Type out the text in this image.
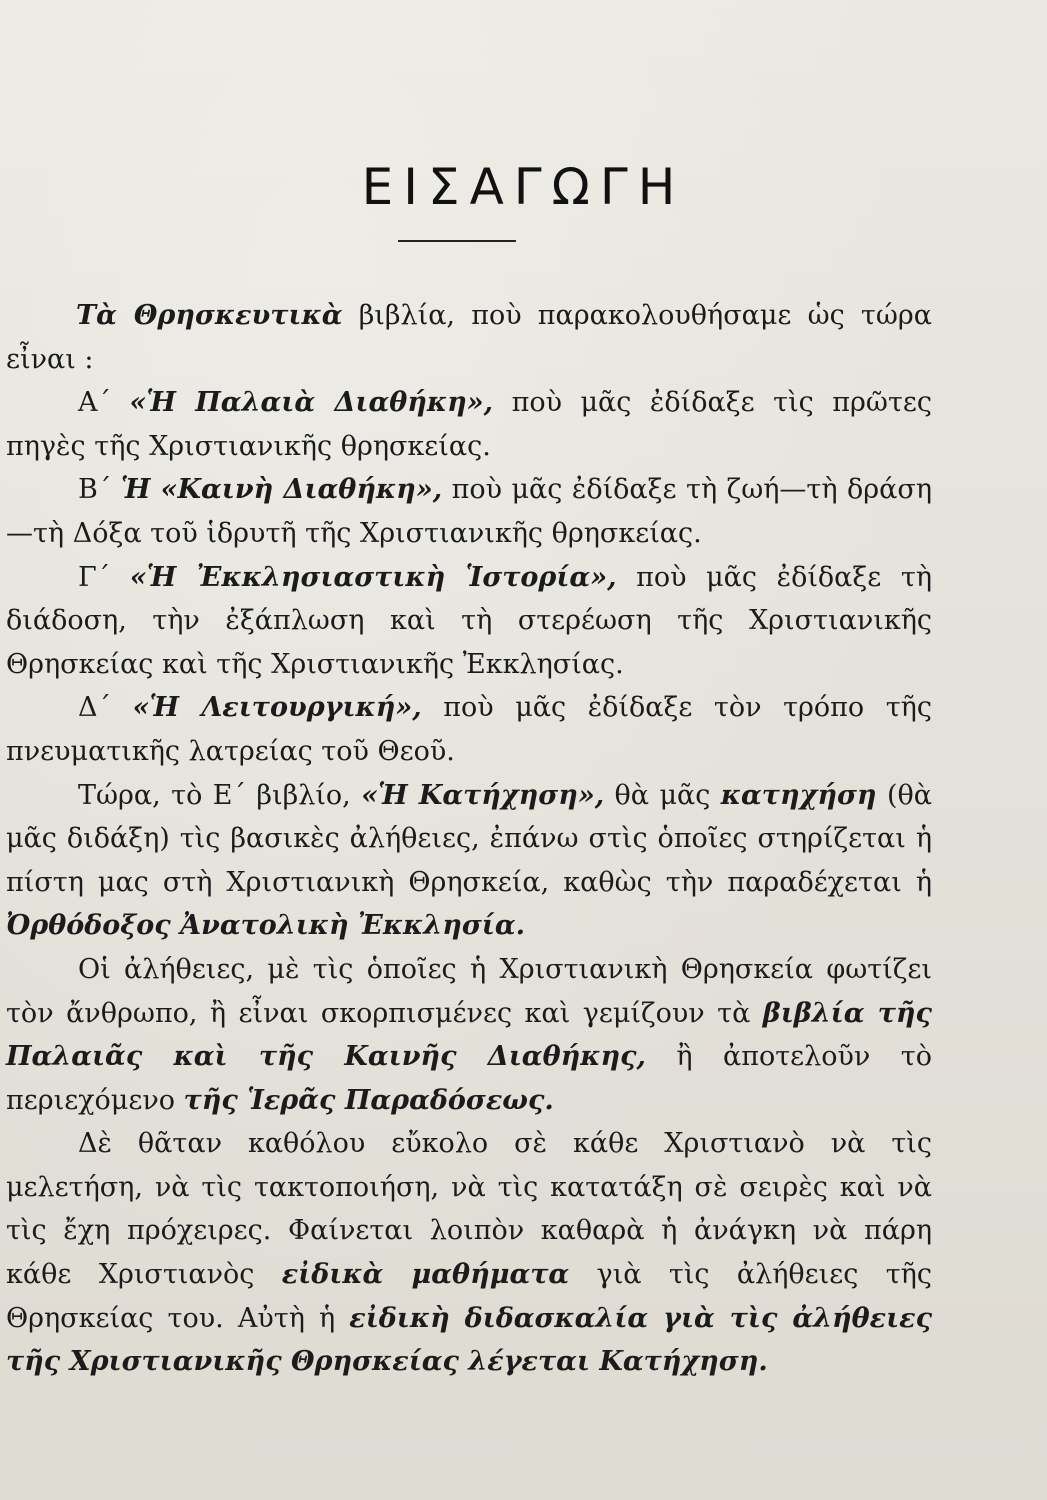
ΕΙΣΑΓΩΓΗ

Τὰ Θρησκευτικὰ βιβλία, ποὺ παρακολουθήσαμε ὡς τώρα εἶναι :

Α΄ «Ἡ Παλαιὰ Διαθήκη», ποὺ μᾶς ἐδίδαξε τὶς πρῶτες πηγὲς τῆς Χριστιανικῆς θρησκείας.

Β΄ Ἡ «Καινὴ Διαθήκη», ποὺ μᾶς ἐδίδαξε τὴ ζωή—τὴ δράση—τὴ Δόξα τοῦ ἱδρυτῆ τῆς Χριστιανικῆς θρησκείας.

Γ΄ «Ἡ Ἐκκλησιαστικὴ Ἱστορία», ποὺ μᾶς ἐδίδαξε τὴ διάδοση, τὴν ἐξάπλωση καὶ τὴ στερέωση τῆς Χριστιανικῆς Θρησκείας καὶ τῆς Χριστιανικῆς Ἐκκλησίας.

Δ΄ «Ἡ Λειτουργική», ποὺ μᾶς ἐδίδαξε τὸν τρόπο τῆς πνευματικῆς λατρείας τοῦ Θεοῦ.

Τώρα, τὸ Ε΄ βιβλίο, «Ἡ Κατήχηση», θὰ μᾶς κατηχήση (θὰ μᾶς διδάξη) τὶς βασικὲς ἀλήθειες, ἐπάνω στὶς ὁποῖες στηρίζεται ἡ πίστη μας στὴ Χριστιανικὴ Θρησκεία, καθὼς τὴν παραδέχεται ἡ Ὀρθόδοξος Ἀνατολικὴ Ἐκκλησία.

Οἱ ἀλήθειες, μὲ τὶς ὁποῖες ἡ Χριστιανικὴ Θρησκεία φωτίζει τὸν ἄνθρωπο, ἢ εἶναι σκορπισμένες καὶ γεμίζουν τὰ βιβλία τῆς Παλαιᾶς καὶ τῆς Καινῆς Διαθήκης, ἢ ἀποτελοῦν τὸ περιεχόμενο τῆς Ἱερᾶς Παραδόσεως.

Δὲ θᾶταν καθόλου εὔκολο σὲ κάθε Χριστιανὸ νὰ τὶς μελετήση, νὰ τὶς τακτοποιήση, νὰ τὶς κατατάξη σὲ σειρὲς καὶ νὰ τὶς ἔχη πρόχειρες. Φαίνεται λοιπὸν καθαρὰ ἡ ἀνάγκη νὰ πάρη κάθε Χριστιανὸς εἰδικὰ μαθήματα γιὰ τὶς ἀλήθειες τῆς Θρησκείας του. Αὐτὴ ἡ εἰδικὴ διδασκαλία γιὰ τὶς ἀλήθειες τῆς Χριστιανικῆς Θρησκείας λέγεται Κατήχηση.
